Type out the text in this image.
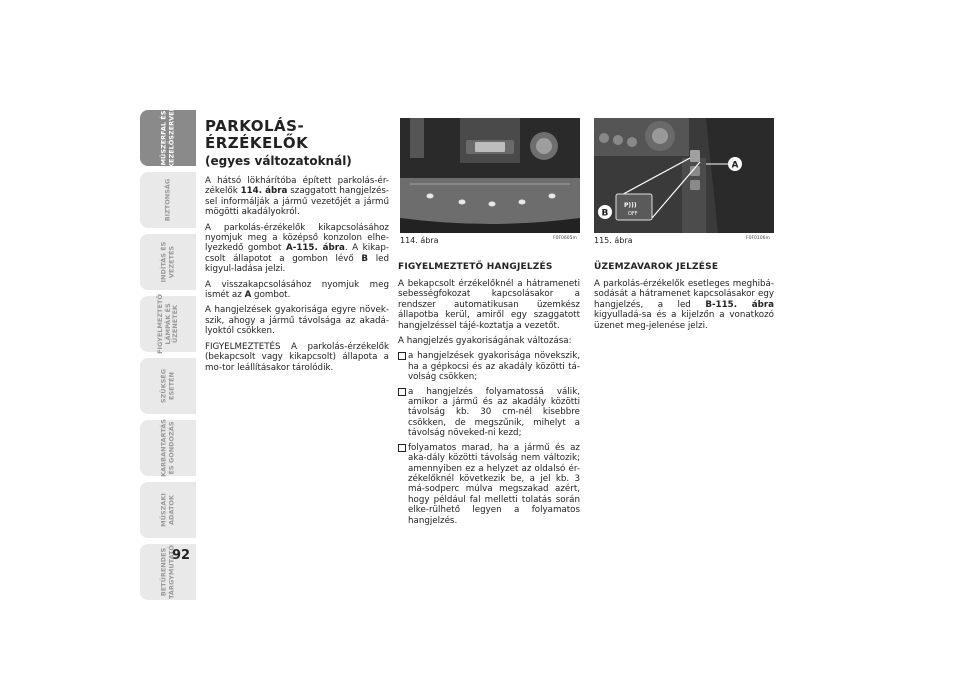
MŰSZERFAL ÉS
KEZELŐSZERVEK
BIZTONSÁG
INDÍTÁS ÉS
VEZETÉS
FIGYELMEZTETŐ
LÁMPÁK ÉS
ÜZENETEK
SZÜKSÉG
ESETÉN
KARBANTARTÁS
ÉS GONDOZÁS
MŰSZAKI
ADATOK
BETŰRENDES
TÁRGYMUTATÓ
92
PARKOLÁS-
ÉRZÉKELŐK
(egyes változatoknál)

A hátsó lökhárítóba épített parkolás-ér-zékelők 114. ábra szaggatott hangjelzés-sel informálják a jármű vezetőjét a jármű mögötti akadályokról.

A parkolás-érzékelők kikapcsolásához nyomjuk meg a középső konzolon elhe-lyezkedő gombot A-115. ábra. A kikap-csolt állapotot a gombon lévő B led kigyul-ladása jelzi.

A visszakapcsolásához nyomjuk meg ismét az A gombot.

A hangjelzések gyakorisága egyre növek-szik, ahogy a jármű távolsága az akadá-lyoktól csökken.

FIGYELMEZTETÉS A parkolás-érzékelők (bekapcsolt vagy kikapcsolt) állapota a mo-tor leállításakor tárolódik.

114. ábra	F0F0605m
P)))
OFF
A
B
115. ábra	F0F0106m
FIGYELMEZTETŐ HANGJELZÉS

A bekapcsolt érzékelőknél a hátrameneti sebességfokozat kapcsolásakor a rendszer automatikusan üzemkész állapotba kerül, amiről egy szaggatott hangjelzéssel tájé-koztatja a vezetőt.

A hangjelzés gyakoriságának változása:

a hangjelzések gyakorisága növekszik, ha a gépkocsi és az akadály közötti tá-volság csökken;
a hangjelzés folyamatossá válik, amikor a jármű és az akadály közötti távolság kb. 30 cm-nél kisebbre csökken, de megszűnik, mihelyt a távolság növeked-ni kezd;
folyamatos marad, ha a jármű és az aka-dály közötti távolság nem változik; amennyiben ez a helyzet az oldalsó ér-zékelőknél következik be, a jel kb. 3 má-sodperc múlva megszakad azért, hogy például fal melletti tolatás során elke-rülhető legyen a folyamatos hangjelzés.
ÜZEMZAVAROK JELZÉSE

A parkolás-érzékelők esetleges meghibá-sodását a hátramenet kapcsolásakor egy hangjelzés, a led B-115. ábra kigyulladá-sa és a kijelzőn a vonatkozó üzenet meg-jelenése jelzi.
